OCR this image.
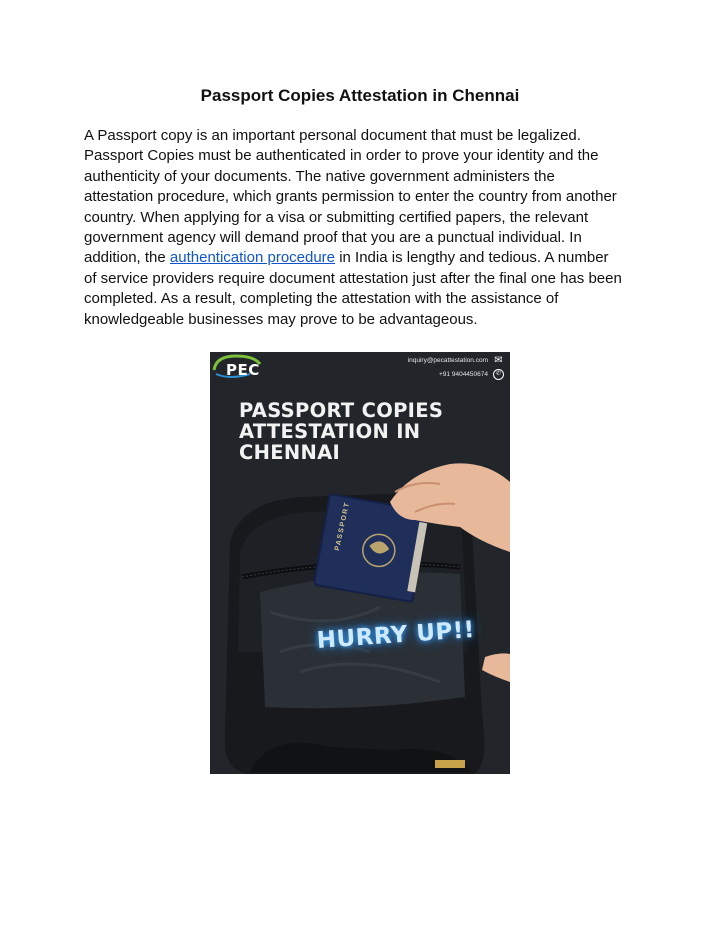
Passport Copies Attestation in Chennai
A Passport copy is an important personal document that must be legalized.
Passport Copies must be authenticated in order to prove your identity and the
authenticity of your documents. The native government administers the
attestation procedure, which grants permission to enter the country from another
country. When applying for a visa or submitting certified papers, the relevant
government agency will demand proof that you are a punctual individual. In
addition, the authentication procedure in India is lengthy and tedious. A number
of service providers require document attestation just after the final one has been
completed. As a result, completing the attestation with the assistance of
knowledgeable businesses may prove to be advantageous.
PEC
inquiry@pecattestation.com ✉
+91 9404450674	✆
PASSPORT COPIES
ATTESTATION IN
CHENNAI
PASSPORT
HURRY UP!!
